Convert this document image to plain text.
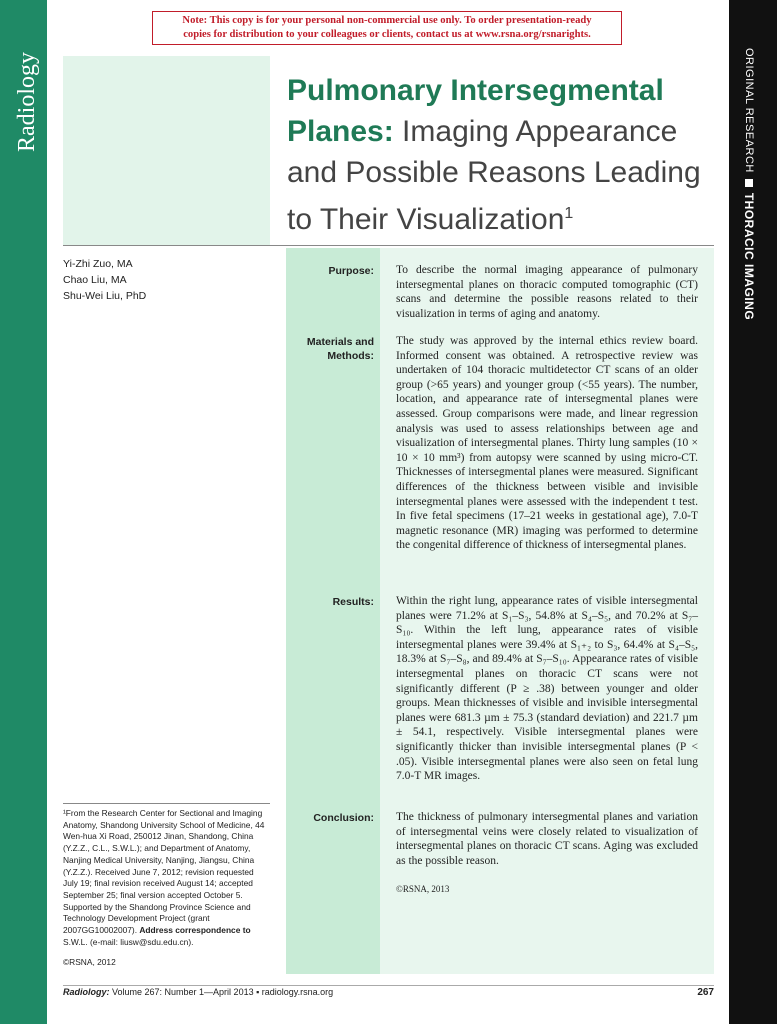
Radiology	ORIGINAL RESEARCH
THORACIC IMAGING
Note: This copy is for your personal non-commercial use only. To order presentation-ready
copies for distribution to your colleagues or clients, contact us at www.rsna.org/rsnarights.
Pulmonary Intersegmental
Planes: Imaging Appearance and Possible Reasons Leading to Their Visualization$^1$
Yi-Zhi Zuo, MA
Chao Liu, MA
Shu-Wei Liu, PhD
Purpose: To describe the normal imaging appearance of pulmonary intersegmental planes on thoracic computed tomographic (CT) scans and determine the possible reasons related to their visualization in terms of aging and anatomy.
Materials and
Methods:
The study was approved by the internal ethics review board. Informed consent was obtained. A retrospective review was undertaken of 104 thoracic multidetector CT scans of an older group (>65 years) and younger group (<55 years). The number, location, and appearance rate of intersegmental planes were assessed. Group comparisons were made, and linear regression analysis was used to assess relationships between age and visualization of intersegmental planes. Thirty lung samples (10 × 10 × 10 mm³) from autopsy were scanned by using micro-CT. Thicknesses of intersegmental planes were measured. Significant differences of the thickness between visible and invisible intersegmental planes were assessed with the independent t test. In five fetal specimens (17–21 weeks in gestational age), 7.0-T magnetic resonance (MR) imaging was performed to determine the congenital difference of thickness of intersegmental planes.
Results: Within the right lung, appearance rates of visible intersegmental planes were 71.2% at S₁–S₃, 54.8% at S₄–S₅, and 70.2% at S₇–S₁₀. Within the left lung, appearance rates of visible intersegmental planes were 39.4% at S₁₊₂ to S₃, 64.4% at S₄–S₅, 18.3% at S₇–S₈, and 89.4% at S₇–S₁₀. Appearance rates of visible intersegmental planes on thoracic CT scans were not significantly different (P ≥ .38) between younger and older groups. Mean thicknesses of visible and invisible intersegmental planes were 681.3 µm ± 75.3 (standard deviation) and 221.7 µm ± 54.1, respectively. Visible intersegmental planes were significantly thicker than invisible intersegmental planes (P < .05). Visible intersegmental planes were also seen on fetal lung 7.0-T MR images.
Conclusion: The thickness of pulmonary intersegmental planes and variation of intersegmental veins were closely related to visualization of intersegmental planes on thoracic CT scans. Aging was excluded as the possible reason.
©RSNA, 2013
¹From the Research Center for Sectional and Imaging Anatomy, Shandong University School of Medicine, 44 Wen-hua Xi Road, 250012 Jinan, Shandong, China (Y.Z.Z., C.L., S.W.L.); and Department of Anatomy, Nanjing Medical University, Nanjing, Jiangsu, China (Y.Z.Z.). Received June 7, 2012; revision requested July 19; final revision received August 14; accepted September 25; final version accepted October 5. Supported by the Shandong Province Science and Technology Development Project (grant 2007GG10002007). Address correspondence to S.W.L. (e-mail: liusw@sdu.edu.cn).
©RSNA, 2012
Radiology: Volume 267: Number 1—April 2013 ▪ radiology.rsna.org	267
